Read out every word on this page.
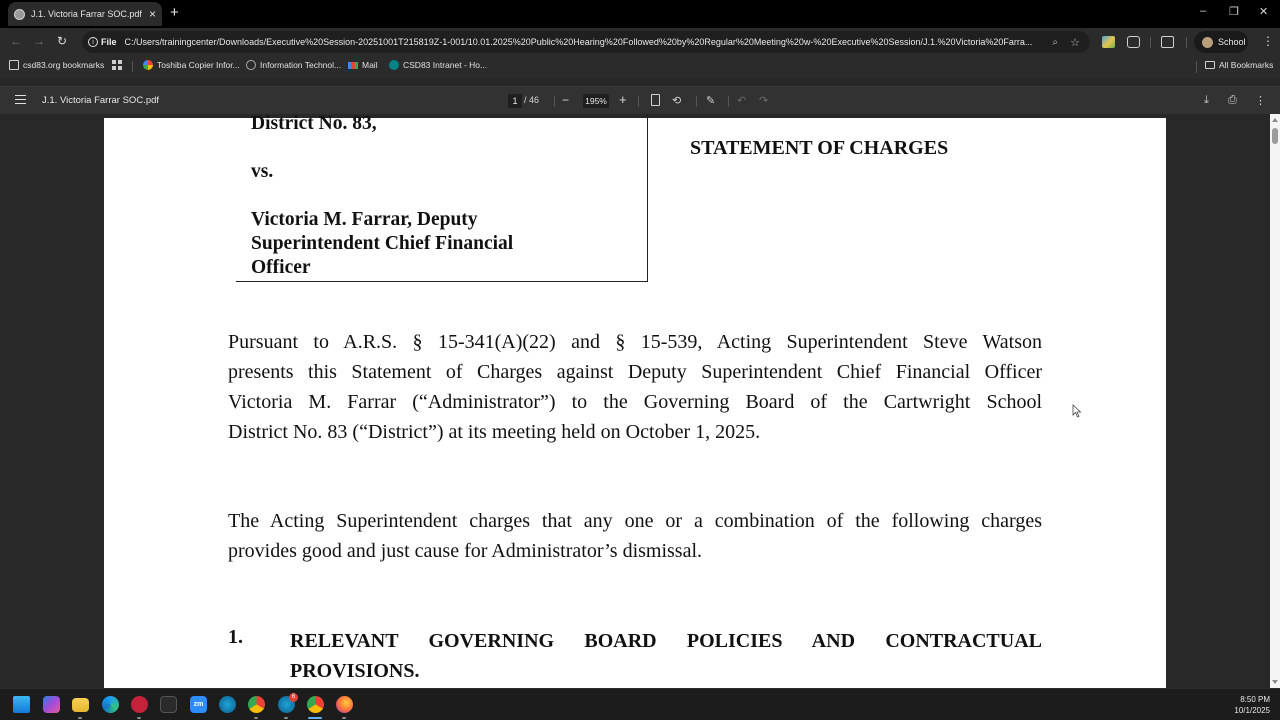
J.1. Victoria Farrar SOC.pdf × +	– ❐ ✕
← → ↻	i File C:/Users/trainingcenter/Downloads/Executive%20Session-20251001T215819Z-1-001/10.01.2025%20Public%20Hearing%20Followed%20by%20Regular%20Meeting%20w-%20Executive%20Session/J.1.%20Victoria%20Farra...	⌕ ☆	School ⋮
csd83.org bookmarks	Toshiba Copier Infor... Information Technol... Mail	CSD83 Intranet - Ho...	All Bookmarks
J.1. Victoria Farrar SOC.pdf	1 / 46 − 195% +	⟲ ✎ ↶ ↷	⤓ ⎙ ⋮
District No. 83,
vs.
Victoria M. Farrar, Deputy
Superintendent Chief Financial
Officer
STATEMENT OF CHARGES
Pursuant to A.R.S. § 15-341(A)(22) and § 15-539, Acting Superintendent Steve Watson
presents this Statement of Charges against Deputy Superintendent Chief Financial Officer
Victoria M. Farrar (“Administrator”) to the Governing Board of the Cartwright School
District No. 83 (“District”) at its meeting held on October 1, 2025.
The Acting Superintendent charges that any one or a combination of the following charges
provides good and just cause for Administrator’s dismissal.
1. RELEVANT GOVERNING BOARD POLICIES AND CONTRACTUAL
PROVISIONS.
zm
6	8:50 PM
10/1/2025
